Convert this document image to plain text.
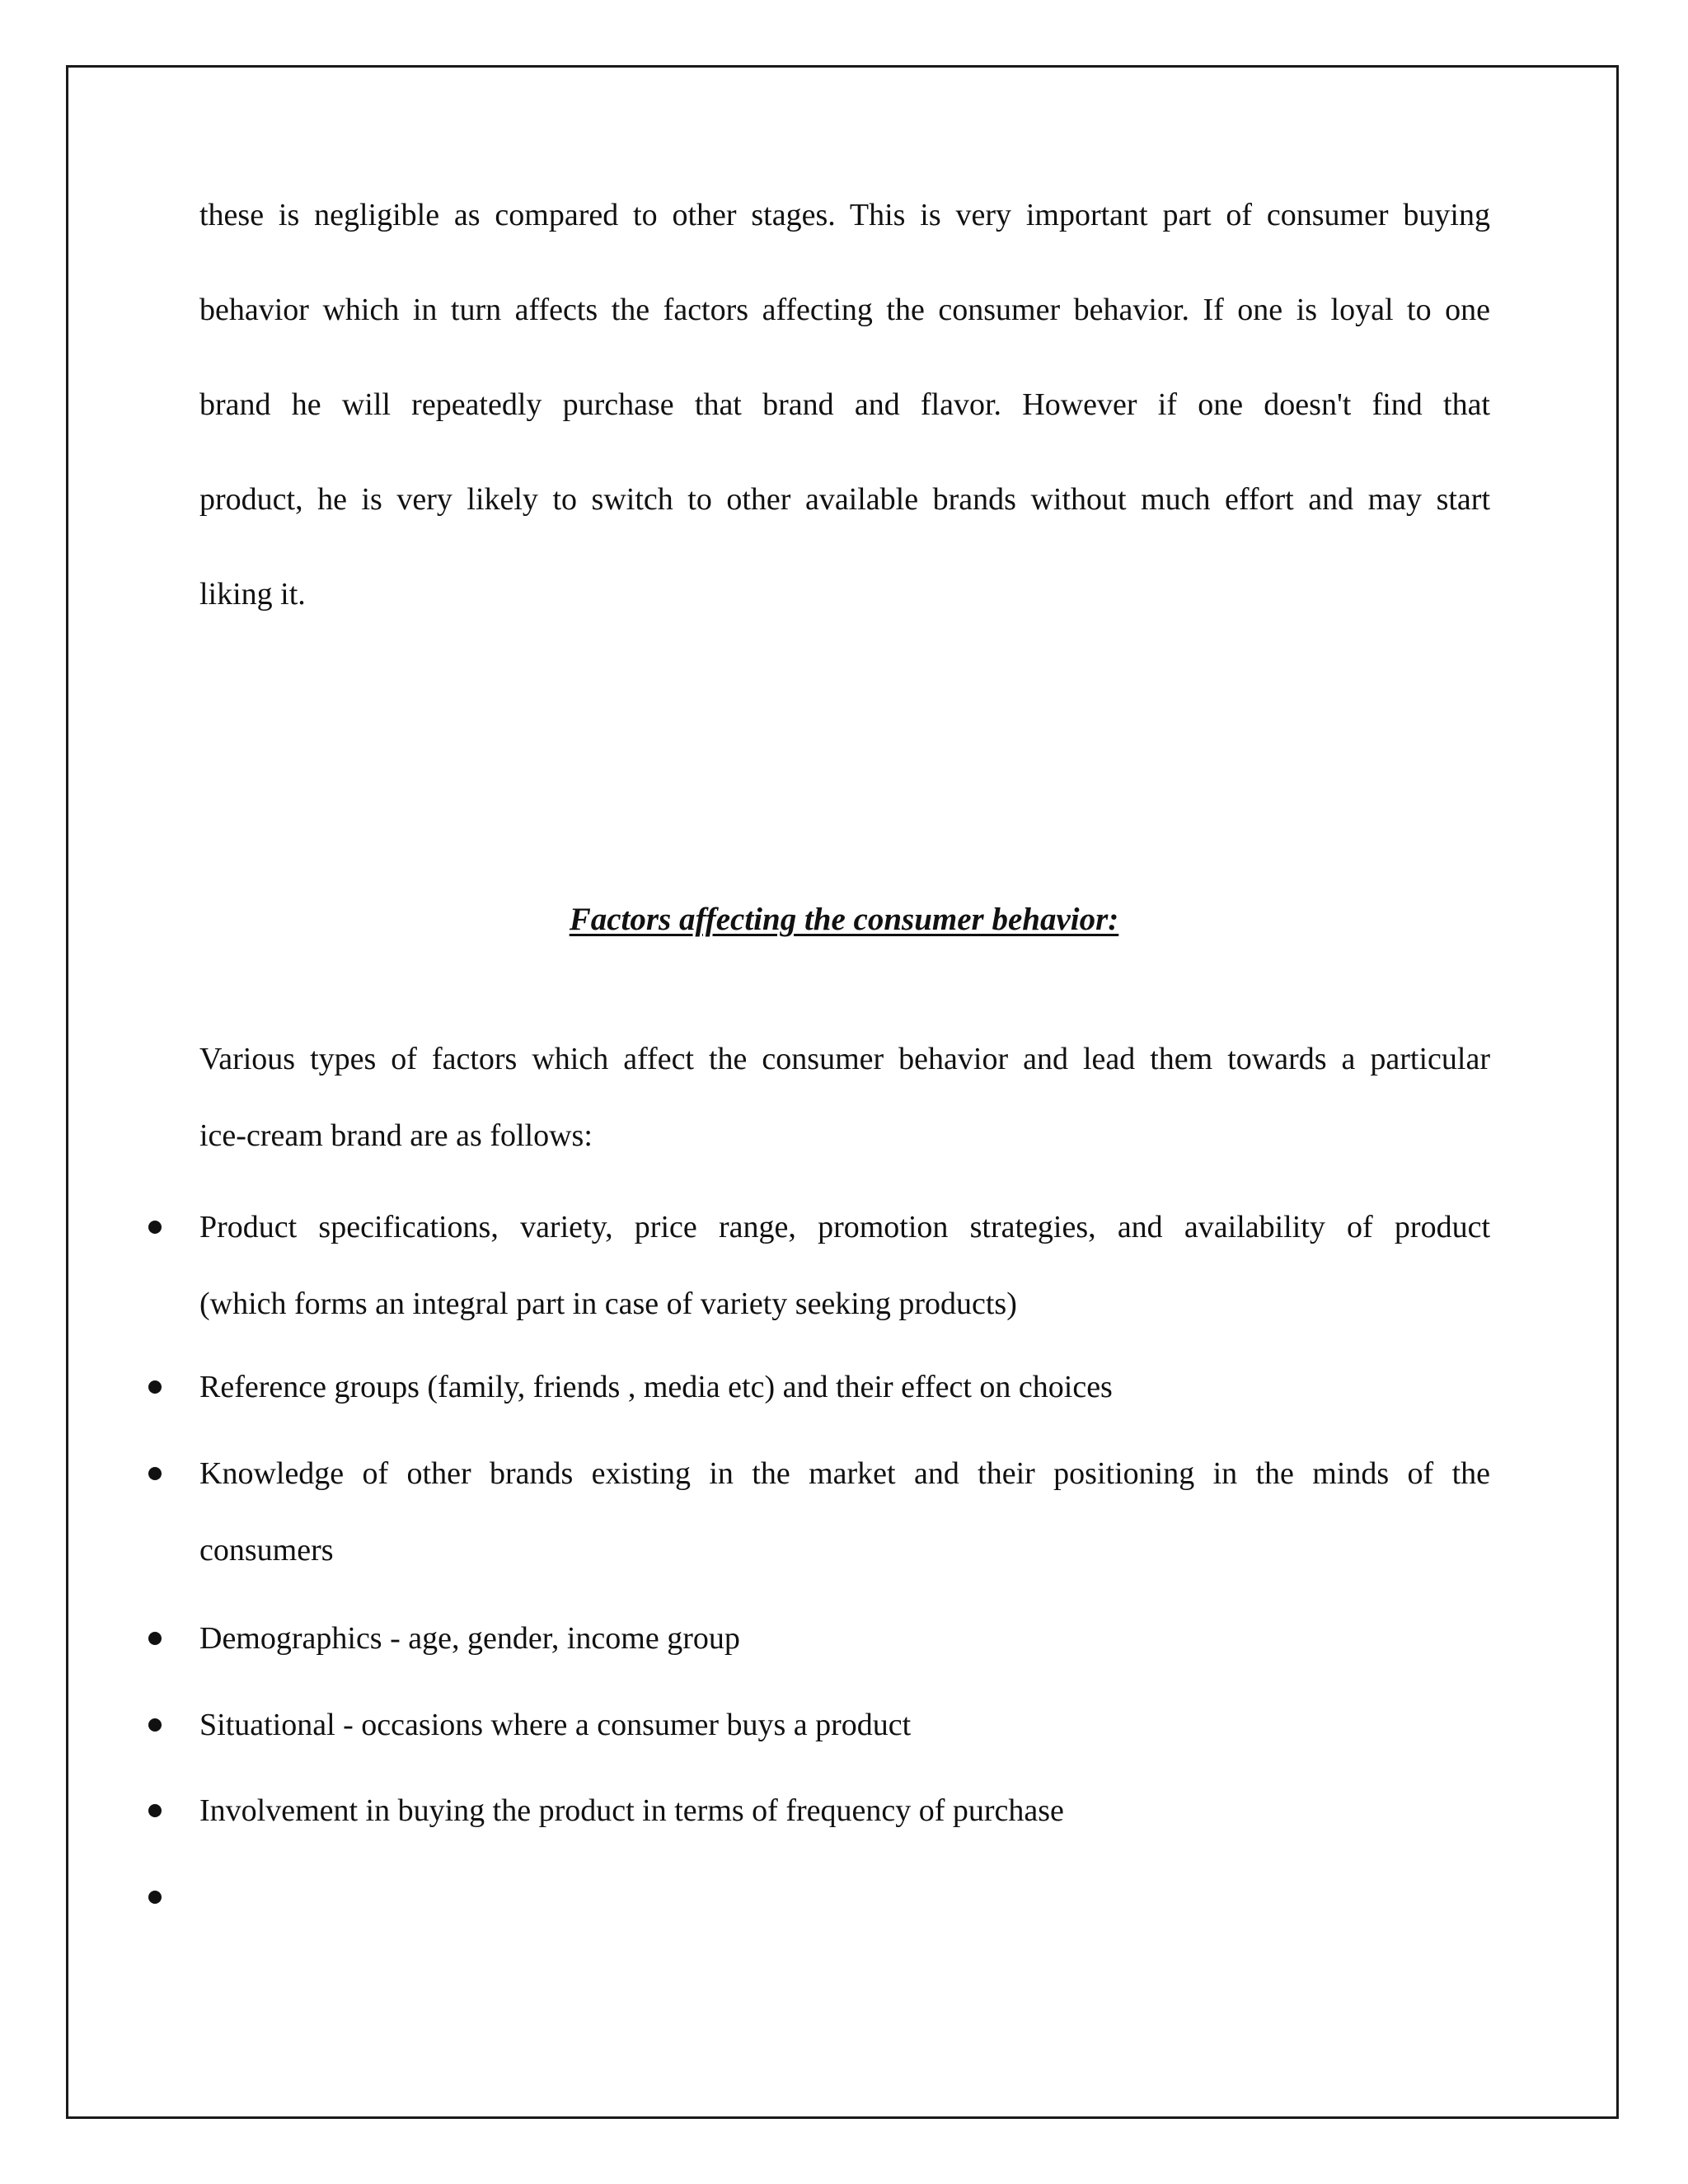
these is negligible as compared to other stages. This is very important part of consumer buying
behavior which in turn affects the factors affecting the consumer behavior. If one is loyal to one
brand he will repeatedly purchase that brand and flavor. However if one doesn't find that
product, he is very likely to switch to other available brands without much effort and may start
liking it.
Factors affecting the consumer behavior:
Various types of factors which affect the consumer behavior and lead them towards a particular
ice-cream brand are as follows:
Product specifications, variety, price range, promotion strategies, and availability of product
(which forms an integral part in case of variety seeking products)
Reference groups (family, friends , media etc) and their effect on choices
Knowledge of other brands existing in the market and their positioning in the minds of the
consumers
Demographics - age, gender, income group
Situational - occasions where a consumer buys a product
Involvement in buying the product in terms of frequency of purchase
